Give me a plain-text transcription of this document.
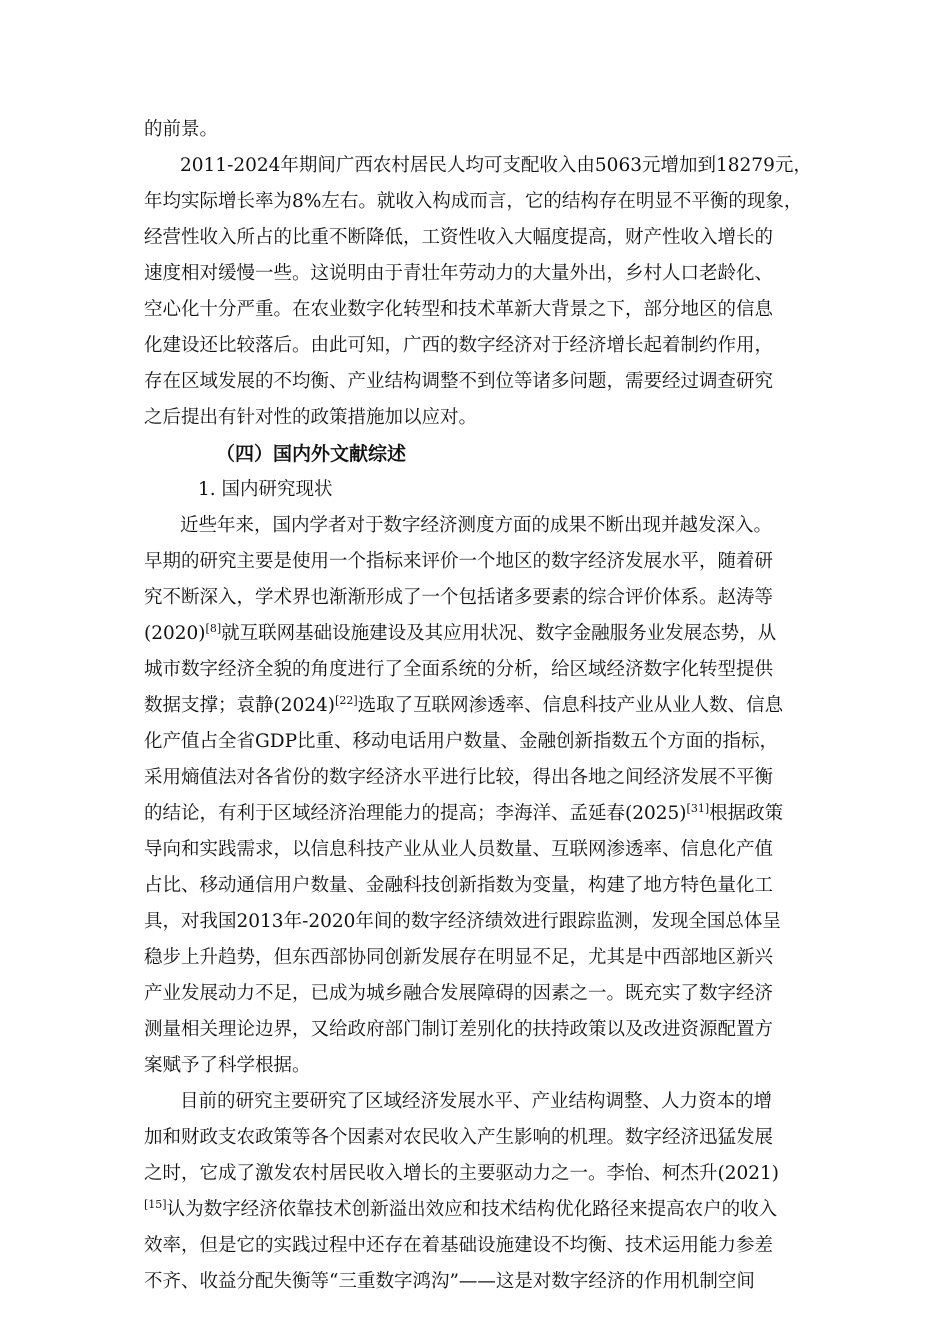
的前景。
2011-2024年期间广西农村居民人均可支配收入由5063元增加到18279元，
年均实际增长率为8%左右。就收入构成而言，它的结构存在明显不平衡的现象，
经营性收入所占的比重不断降低，工资性收入大幅度提高，财产性收入增长的
速度相对缓慢一些。这说明由于青壮年劳动力的大量外出，乡村人口老龄化、
空心化十分严重。在农业数字化转型和技术革新大背景之下，部分地区的信息
化建设还比较落后。由此可知，广西的数字经济对于经济增长起着制约作用，
存在区域发展的不均衡、产业结构调整不到位等诸多问题，需要经过调查研究
之后提出有针对性的政策措施加以应对。
（四）国内外文献综述
1. 国内研究现状
近些年来，国内学者对于数字经济测度方面的成果不断出现并越发深入。
早期的研究主要是使用一个指标来评价一个地区的数字经济发展水平，随着研
究不断深入，学术界也渐渐形成了一个包括诸多要素的综合评价体系。赵涛等
(2020)[8]就互联网基础设施建设及其应用状况、数字金融服务业发展态势，从
城市数字经济全貌的角度进行了全面系统的分析，给区域经济数字化转型提供
数据支撑；袁静(2024)[22]选取了互联网渗透率、信息科技产业从业人数、信息
化产值占全省GDP比重、移动电话用户数量、金融创新指数五个方面的指标，
采用熵值法对各省份的数字经济水平进行比较，得出各地之间经济发展不平衡
的结论，有利于区域经济治理能力的提高；李海洋、孟延春(2025)[31]根据政策
导向和实践需求，以信息科技产业从业人员数量、互联网渗透率、信息化产值
占比、移动通信用户数量、金融科技创新指数为变量，构建了地方特色量化工
具，对我国2013年-2020年间的数字经济绩效进行跟踪监测，发现全国总体呈
稳步上升趋势，但东西部协同创新发展存在明显不足，尤其是中西部地区新兴
产业发展动力不足，已成为城乡融合发展障碍的因素之一。既充实了数字经济
测量相关理论边界，又给政府部门制订差别化的扶持政策以及改进资源配置方
案赋予了科学根据。
目前的研究主要研究了区域经济发展水平、产业结构调整、人力资本的增
加和财政支农政策等各个因素对农民收入产生影响的机理。数字经济迅猛发展
之时，它成了激发农村居民收入增长的主要驱动力之一。李怡、柯杰升(2021)
[15]认为数字经济依靠技术创新溢出效应和技术结构优化路径来提高农户的收入
效率，但是它的实践过程中还存在着基础设施建设不均衡、技术运用能力参差
不齐、收益分配失衡等“三重数字鸿沟”——这是对数字经济的作用机制空间
